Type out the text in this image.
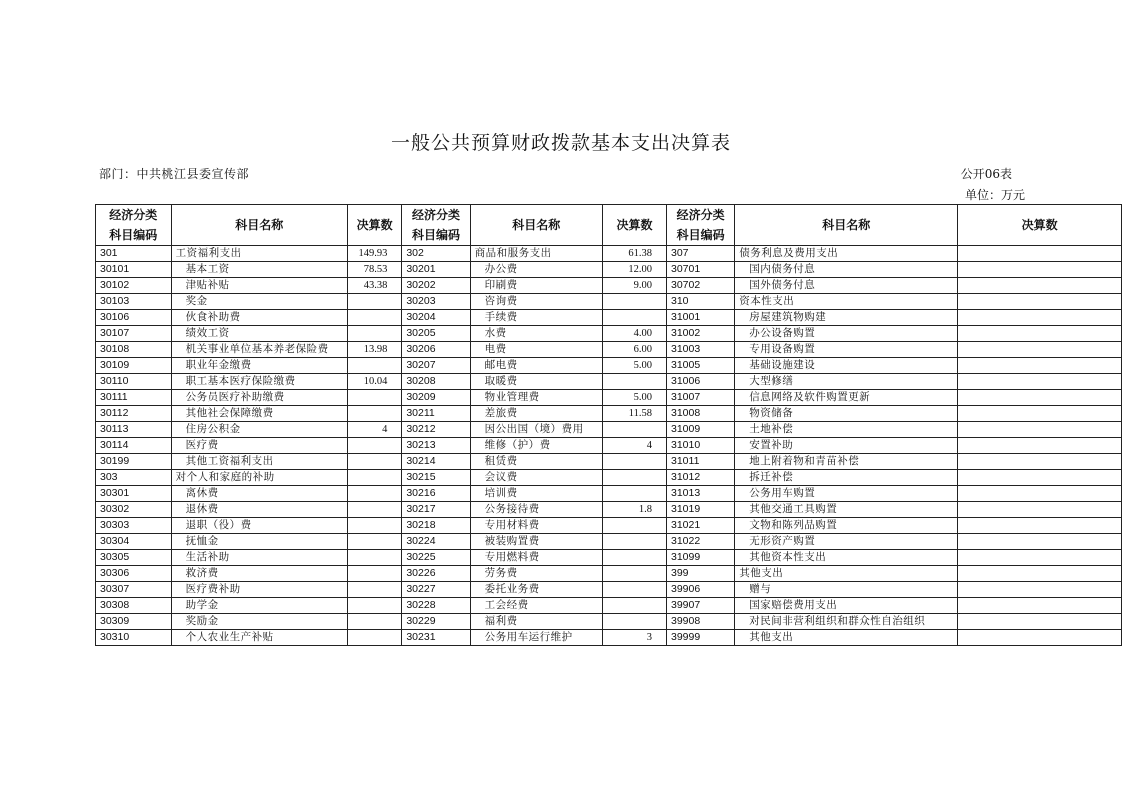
一般公共预算财政拨款基本支出决算表
部门：中共桃江县委宣传部	公开06表
单位：万元
经济分类
科目编码	科目名称	决算数	经济分类
科目编码	科目名称	决算数	经济分类
科目编码	科目名称	决算数
301	工资福利支出	149.93	302	商品和服务支出	61.38	307	债务利息及费用支出	
30101	基本工资	78.53	30201	办公费	12.00	30701	国内债务付息	
30102	津贴补贴	43.38	30202	印刷费	9.00	30702	国外债务付息	
30103	奖金		30203	咨询费		310	资本性支出	
30106	伙食补助费		30204	手续费		31001	房屋建筑物购建	
30107	绩效工资		30205	水费	4.00	31002	办公设备购置	
30108	机关事业单位基本养老保险费	13.98	30206	电费	6.00	31003	专用设备购置	
30109	职业年金缴费		30207	邮电费	5.00	31005	基础设施建设	
30110	职工基本医疗保险缴费	10.04	30208	取暖费		31006	大型修缮	
30111	公务员医疗补助缴费		30209	物业管理费	5.00	31007	信息网络及软件购置更新	
30112	其他社会保障缴费		30211	差旅费	11.58	31008	物资储备	
30113	住房公积金	4	30212	因公出国（境）费用		31009	土地补偿	
30114	医疗费		30213	维修（护）费	4	31010	安置补助	
30199	其他工资福利支出		30214	租赁费		31011	地上附着物和青苗补偿	
303	对个人和家庭的补助		30215	会议费		31012	拆迁补偿	
30301	离休费		30216	培训费		31013	公务用车购置	
30302	退休费		30217	公务接待费	1.8	31019	其他交通工具购置	
30303	退职（役）费		30218	专用材料费		31021	文物和陈列品购置	
30304	抚恤金		30224	被装购置费		31022	无形资产购置	
30305	生活补助		30225	专用燃料费		31099	其他资本性支出	
30306	救济费		30226	劳务费		399	其他支出	
30307	医疗费补助		30227	委托业务费		39906	赠与	
30308	助学金		30228	工会经费		39907	国家赔偿费用支出	
30309	奖励金		30229	福利费		39908	对民间非营利组织和群众性自治组织	
30310	个人农业生产补贴		30231	公务用车运行维护	3	39999	其他支出	
